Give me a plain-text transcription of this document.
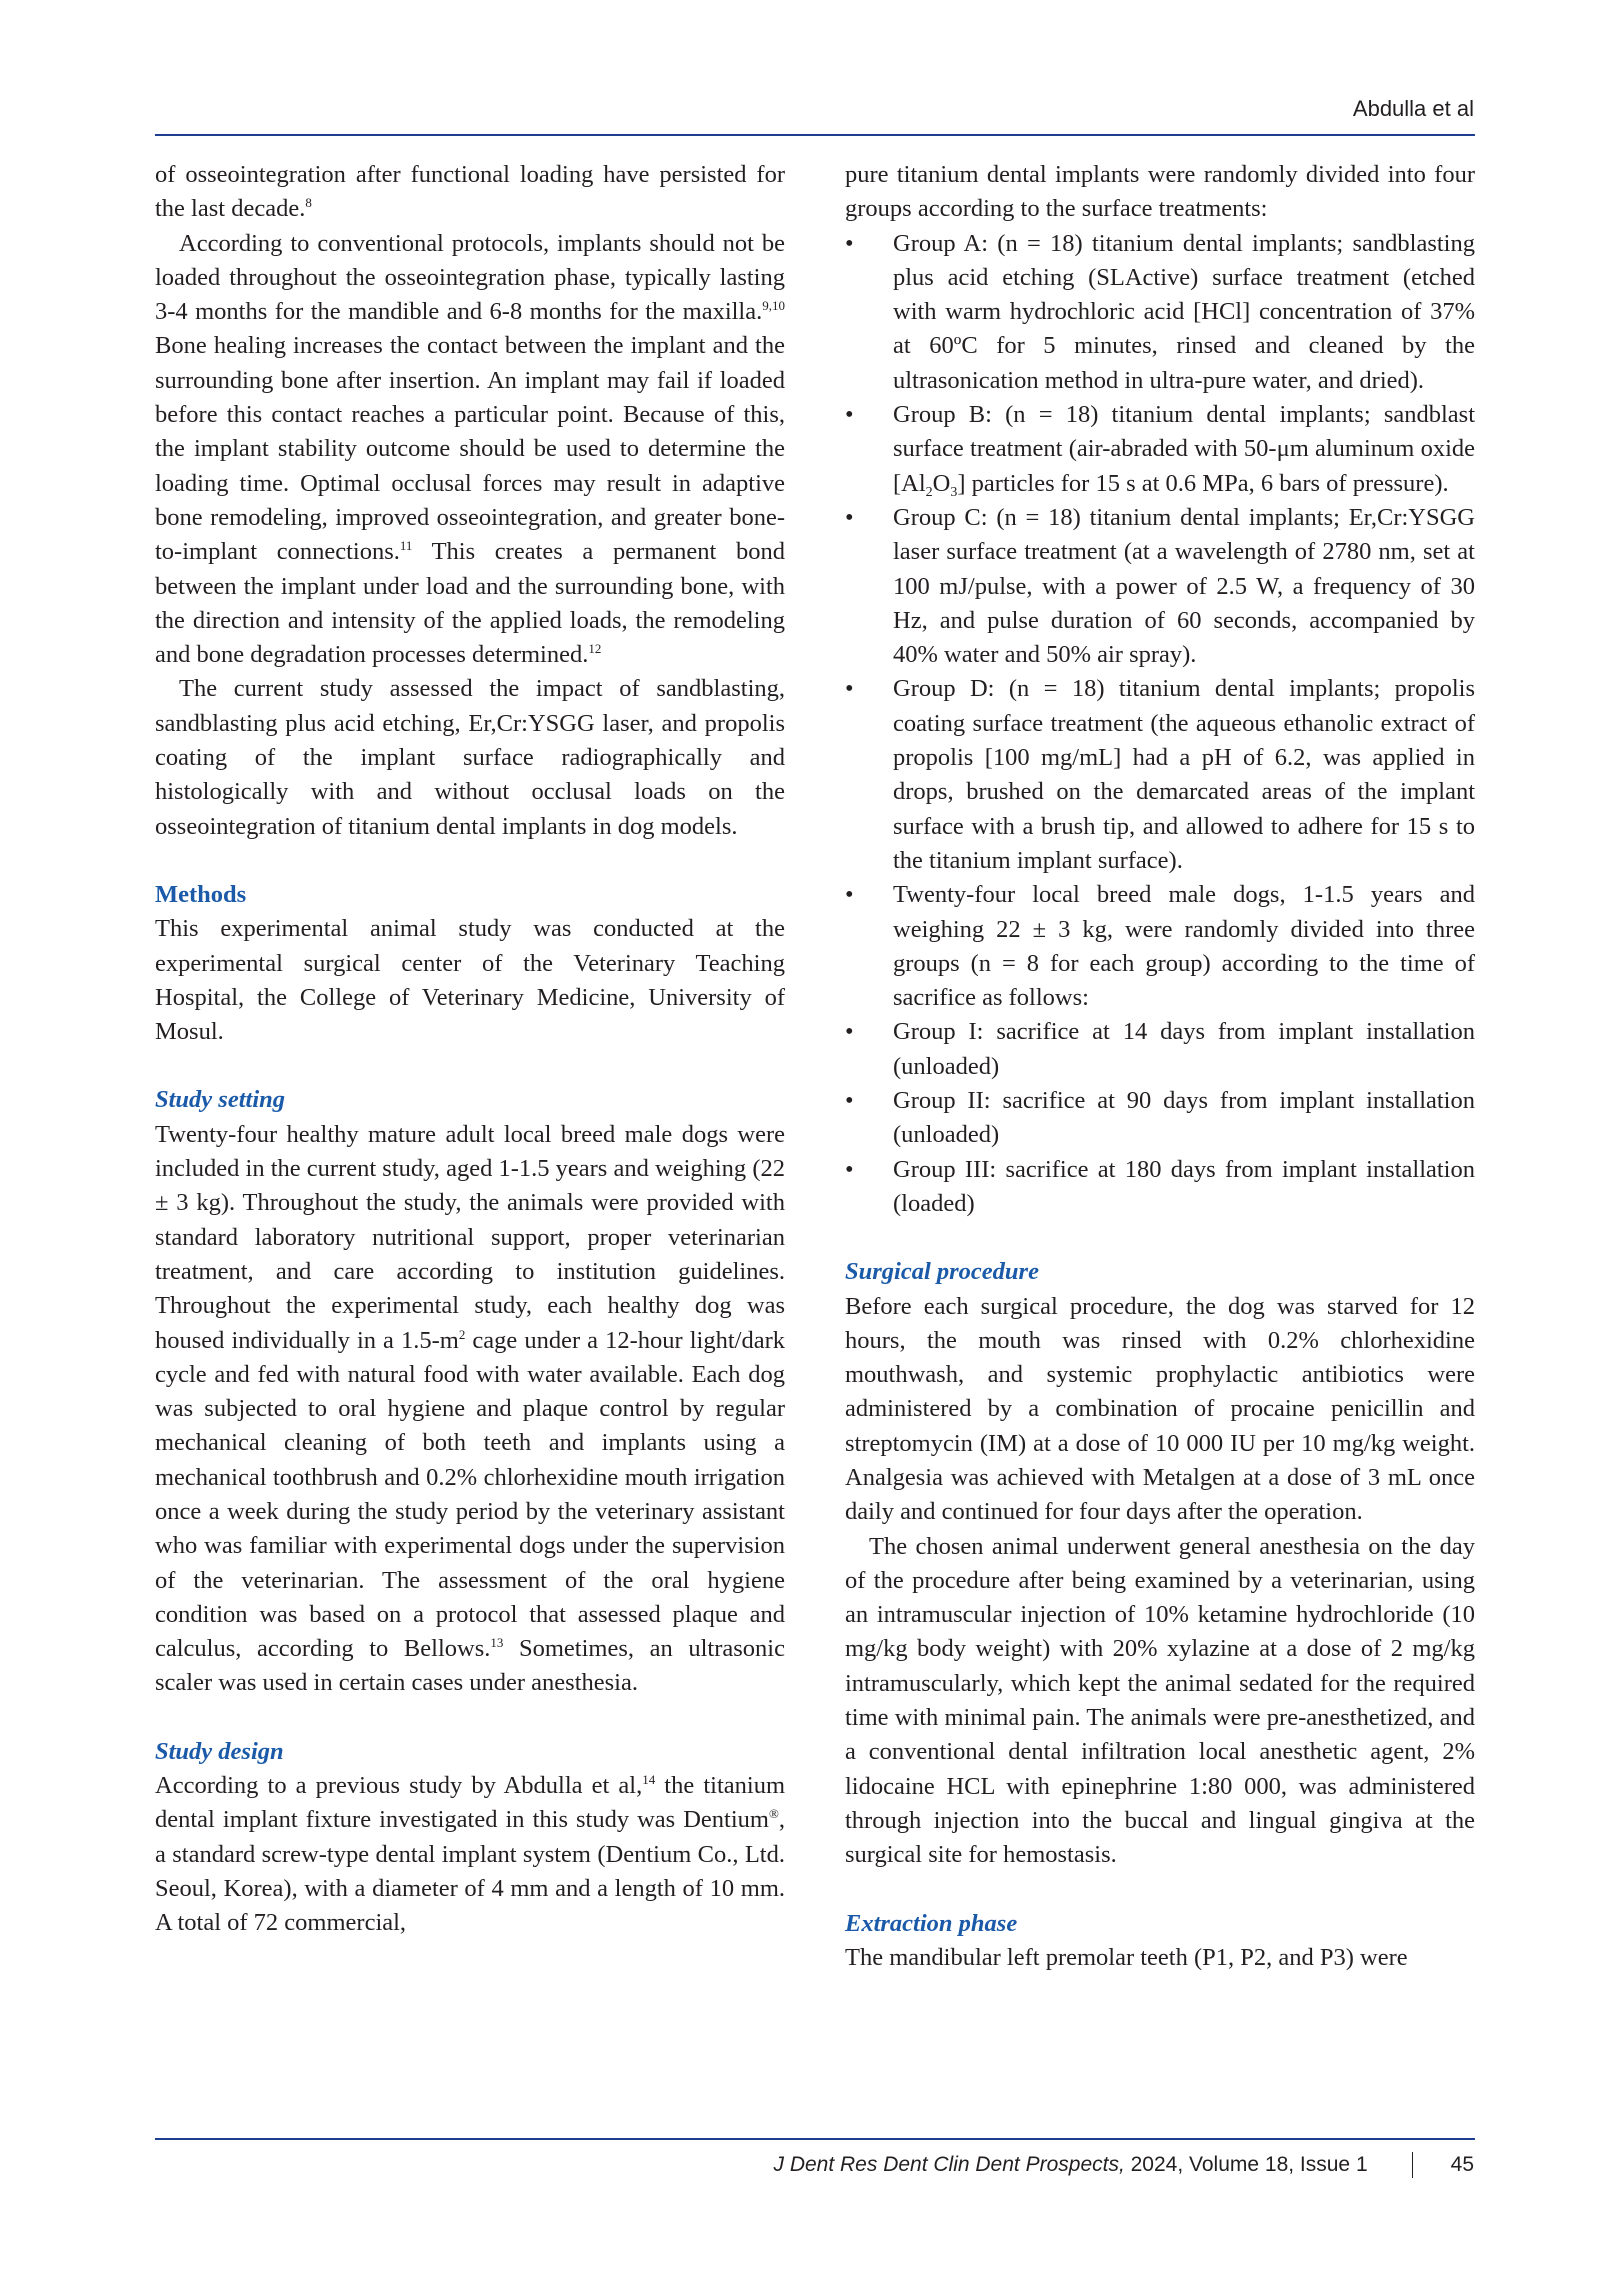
Abdulla et al

of osseointegration after functional loading have persisted for the last decade.$^8$

According to conventional protocols, implants should not be loaded throughout the osseointegration phase, typically lasting 3‑4 months for the mandible and 6‑8 months for the maxilla.$^{9,10}$ Bone healing increases the contact between the implant and the surrounding bone after insertion. An implant may fail if loaded before this contact reaches a particular point. Because of this, the implant stability outcome should be used to determine the loading time. Optimal occlusal forces may result in adaptive bone remodeling, improved osseointegration, and greater bone-to-implant connections.$^{11}$ This creates a permanent bond between the implant under load and the surrounding bone, with the direction and intensity of the applied loads, the remodeling and bone degradation processes determined.$^{12}$

The current study assessed the impact of sandblasting, sandblasting plus acid etching, Er,Cr:YSGG laser, and propolis coating of the implant surface radiographically and histologically with and without occlusal loads on the osseointegration of titanium dental implants in dog models.

Methods

This experimental animal study was conducted at the experimental surgical center of the Veterinary Teaching Hospital, the College of Veterinary Medicine, University of Mosul.

Study setting

Twenty-four healthy mature adult local breed male dogs were included in the current study, aged 1‑1.5 years and weighing (22 ± 3 kg). Throughout the study, the animals were provided with standard laboratory nutritional support, proper veterinarian treatment, and care according to institution guidelines. Throughout the experimental study, each healthy dog was housed individually in a $1.5-m^2$ cage under a 12-hour light/dark cycle and fed with natural food with water available. Each dog was subjected to oral hygiene and plaque control by regular mechanical cleaning of both teeth and implants using a mechanical toothbrush and 0.2% chlorhexidine mouth irrigation once a week during the study period by the veterinary assistant who was familiar with experimental dogs under the supervision of the veterinarian. The assessment of the oral hygiene condition was based on a protocol that assessed plaque and calculus, according to Bellows.$^{13}$ Sometimes, an ultrasonic scaler was used in certain cases under anesthesia.

Study design

According to a previous study by Abdulla et al,$^{14}$ the titanium dental implant fixture investigated in this study was Dentium®, a standard screw-type dental implant system (Dentium Co., Ltd. Seoul, Korea), with a diameter of 4 mm and a length of 10 mm. A total of 72 commercial,

pure titanium dental implants were randomly divided into four groups according to the surface treatments:

•	Group A: (n = 18) titanium dental implants; sandblasting plus acid etching (SLActive) surface treatment (etched with warm hydrochloric acid [HCl] concentration of 37% at 60ºC for 5 minutes, rinsed and cleaned by the ultrasonication method in ultra-pure water, and dried).
•	Group B: (n = 18) titanium dental implants; sandblast surface treatment (air-abraded with 50-μm aluminum oxide $[Al_2O_3]$ particles for 15 s at 0.6 MPa, 6 bars of pressure).
•	Group C: (n = 18) titanium dental implants; Er,Cr:YSGG laser surface treatment (at a wavelength of 2780 nm, set at 100 mJ/pulse, with a power of 2.5 W, a frequency of 30 Hz, and pulse duration of 60 seconds, accompanied by 40% water and 50% air spray).
•	Group D: (n = 18) titanium dental implants; propolis coating surface treatment (the aqueous ethanolic extract of propolis [100 mg/mL] had a pH of 6.2, was applied in drops, brushed on the demarcated areas of the implant surface with a brush tip, and allowed to adhere for 15 s to the titanium implant surface).
•	Twenty-four local breed male dogs, 1‑1.5 years and weighing 22 ± 3 kg, were randomly divided into three groups (n = 8 for each group) according to the time of sacrifice as follows:
•	Group I: sacrifice at 14 days from implant installation (unloaded)
•	Group II: sacrifice at 90 days from implant installation (unloaded)
•	Group III: sacrifice at 180 days from implant installation (loaded)

Surgical procedure

Before each surgical procedure, the dog was starved for 12 hours, the mouth was rinsed with 0.2% chlorhexidine mouthwash, and systemic prophylactic antibiotics were administered by a combination of procaine penicillin and streptomycin (IM) at a dose of 10 000 IU per 10 mg/kg weight. Analgesia was achieved with Metalgen at a dose of 3 mL once daily and continued for four days after the operation.

The chosen animal underwent general anesthesia on the day of the procedure after being examined by a veterinarian, using an intramuscular injection of 10% ketamine hydrochloride (10 mg/kg body weight) with 20% xylazine at a dose of 2 mg/kg intramuscularly, which kept the animal sedated for the required time with minimal pain. The animals were pre-anesthetized, and a conventional dental infiltration local anesthetic agent, 2% lidocaine HCL with epinephrine 1:80 000, was administered through injection into the buccal and lingual gingiva at the surgical site for hemostasis.

Extraction phase

The mandibular left premolar teeth (P1, P2, and P3) were

J Dent Res Dent Clin Dent Prospects, 2024, Volume 18, Issue 1	45
